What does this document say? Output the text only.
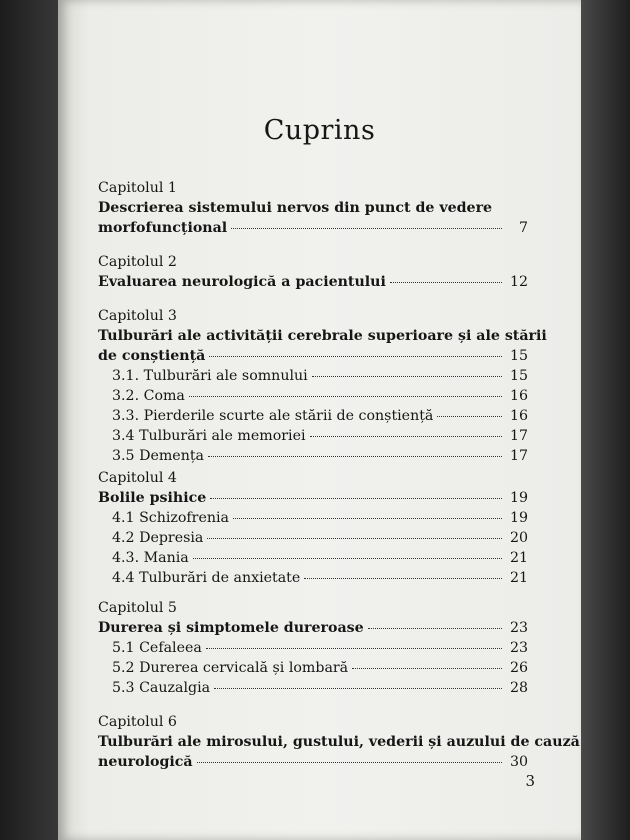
Cuprins
Capitolul 1
Descrierea sistemului nervos din punct de vedere
morfofuncțional	7
Capitolul 2
Evaluarea neurologică a pacientului	12
Capitolul 3
Tulburări ale activității cerebrale superioare și ale stării
de conștiență	15
3.1. Tulburări ale somnului	15
3.2. Coma	16
3.3. Pierderile scurte ale stării de conștiență	16
3.4 Tulburări ale memoriei	17
3.5 Demența	17
Capitolul 4
Bolile psihice	19
4.1 Schizofrenia	19
4.2 Depresia	20
4.3. Mania	21
4.4 Tulburări de anxietate	21
Capitolul 5
Durerea și simptomele dureroase	23
5.1 Cefaleea	23
5.2 Durerea cervicală și lombară	26
5.3 Cauzalgia	28
Capitolul 6
Tulburări ale mirosului, gustului, vederii și auzului de cauză
neurologică	30
3
